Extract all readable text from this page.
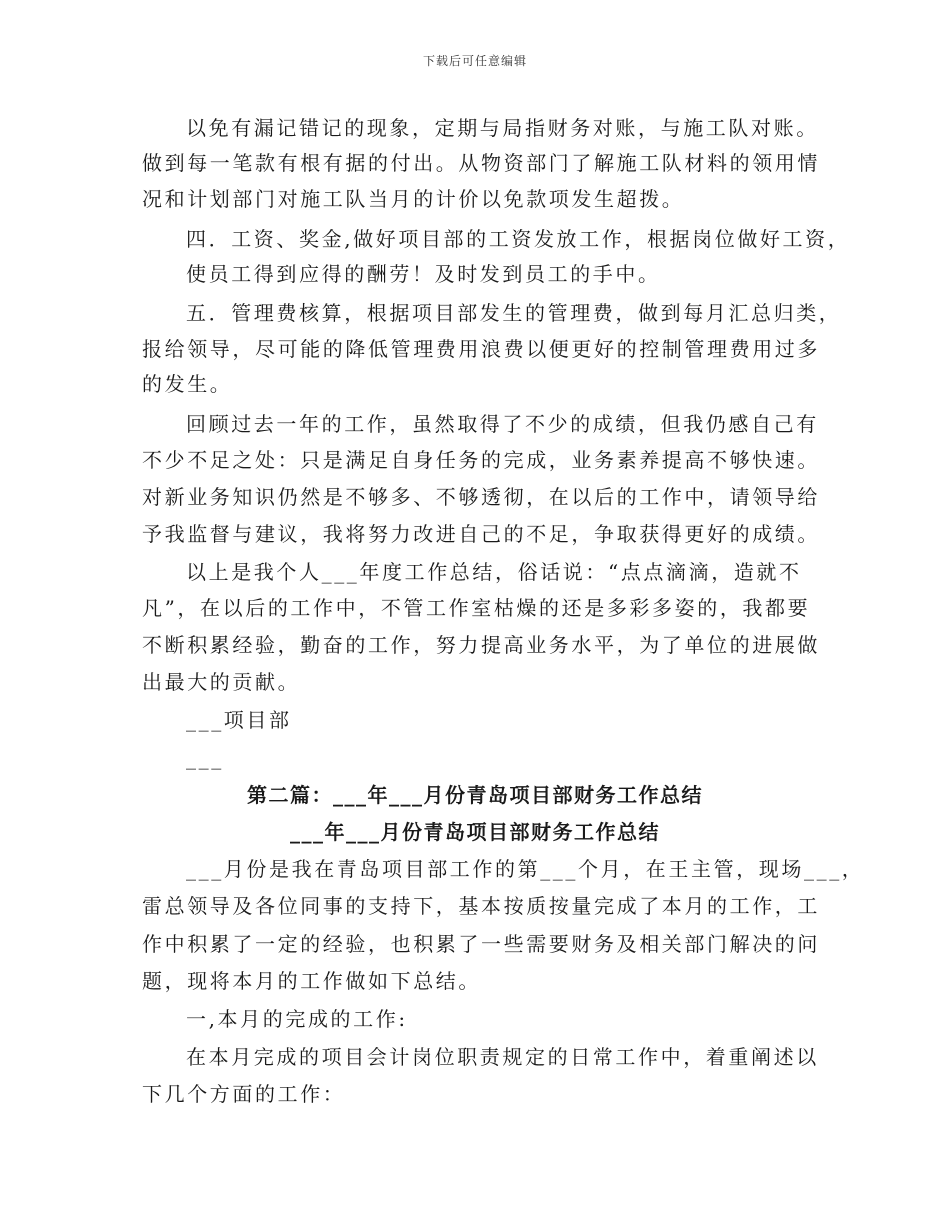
下载后可任意编辑
以免有漏记错记的现象，定期与局指财务对账，与施工队对账。
做到每一笔款有根有据的付出。从物资部门了解施工队材料的领用情
况和计划部门对施工队当月的计价以免款项发生超拨。
四．工资、奖金,做好项目部的工资发放工作，根据岗位做好工资，
使员工得到应得的酬劳！及时发到员工的手中。
五．管理费核算，根据项目部发生的管理费，做到每月汇总归类，
报给领导，尽可能的降低管理费用浪费以便更好的控制管理费用过多
的发生。
回顾过去一年的工作，虽然取得了不少的成绩，但我仍感自己有
不少不足之处：只是满足自身任务的完成，业务素养提高不够快速。
对新业务知识仍然是不够多、不够透彻，在以后的工作中，请领导给
予我监督与建议，我将努力改进自己的不足，争取获得更好的成绩。
以上是我个人___年度工作总结，俗话说：“点点滴滴，造就不
凡”，在以后的工作中，不管工作室枯燥的还是多彩多姿的，我都要
不断积累经验，勤奋的工作，努力提高业务水平，为了单位的进展做
出最大的贡献。
___项目部
___
第二篇：___年___月份青岛项目部财务工作总结
___年___月份青岛项目部财务工作总结
___月份是我在青岛项目部工作的第___个月，在王主管，现场___，
雷总领导及各位同事的支持下，基本按质按量完成了本月的工作，工
作中积累了一定的经验，也积累了一些需要财务及相关部门解决的问
题，现将本月的工作做如下总结。
一,本月的完成的工作:
在本月完成的项目会计岗位职责规定的日常工作中，着重阐述以
下几个方面的工作：
